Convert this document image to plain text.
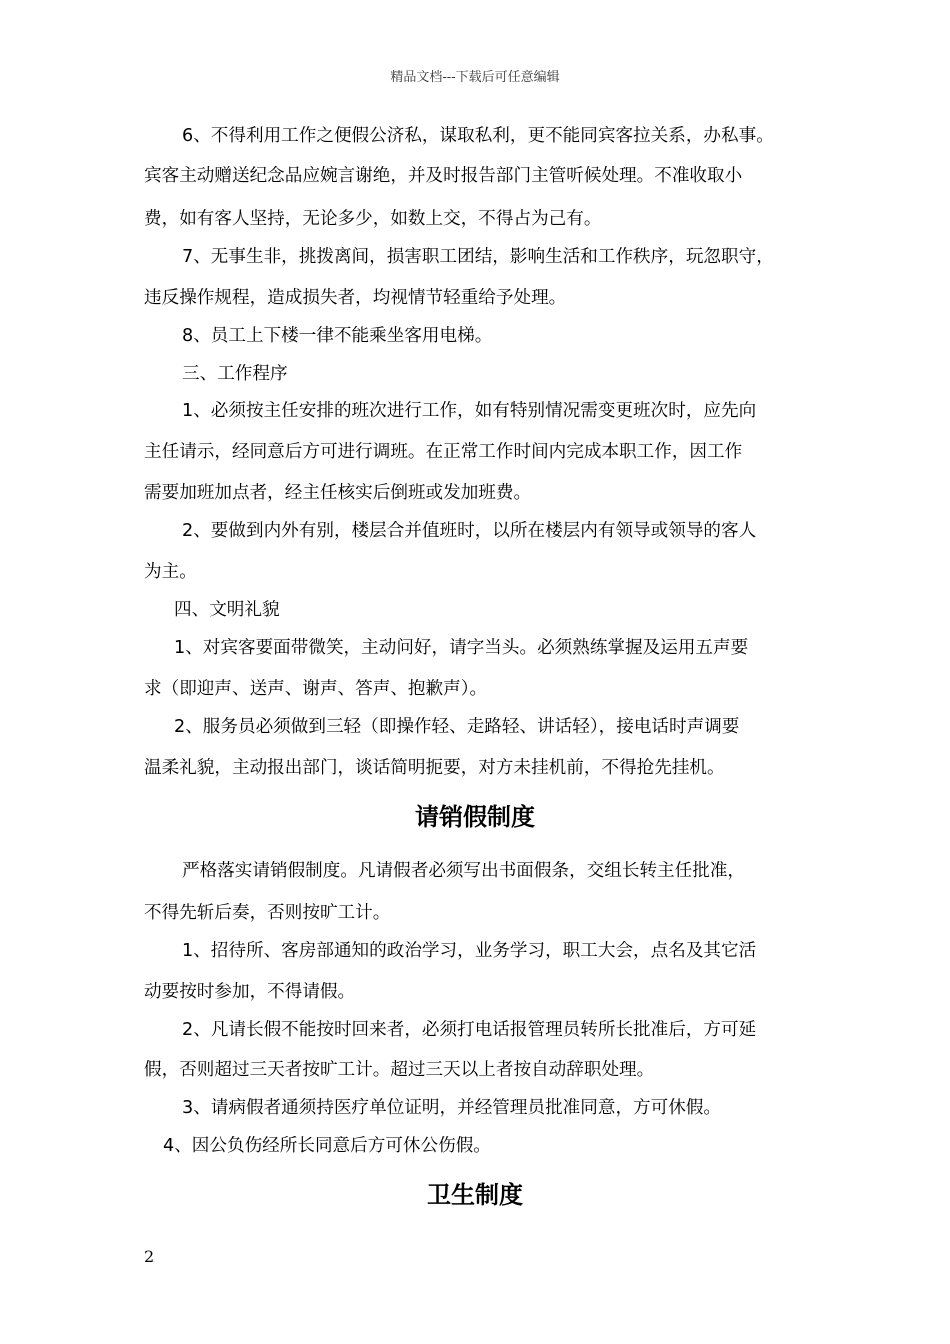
精品文档---下载后可任意编辑
6、不得利用工作之便假公济私，谋取私利，更不能同宾客拉关系，办私事。
宾客主动赠送纪念品应婉言谢绝，并及时报告部门主管听候处理。不准收取小
费，如有客人坚持，无论多少，如数上交，不得占为己有。
7、无事生非，挑拨离间，损害职工团结，影响生活和工作秩序，玩忽职守，
违反操作规程，造成损失者，均视情节轻重给予处理。
8、员工上下楼一律不能乘坐客用电梯。
三、工作程序
1、必须按主任安排的班次进行工作，如有特别情况需变更班次时，应先向
主任请示，经同意后方可进行调班。在正常工作时间内完成本职工作，因工作
需要加班加点者，经主任核实后倒班或发加班费。
2、要做到内外有别，楼层合并值班时，以所在楼层内有领导或领导的客人
为主。
四、文明礼貌
1、对宾客要面带微笑，主动问好，请字当头。必须熟练掌握及运用五声要
求（即迎声、送声、谢声、答声、抱歉声）。
2、服务员必须做到三轻（即操作轻、走路轻、讲话轻），接电话时声调要
温柔礼貌，主动报出部门，谈话简明扼要，对方未挂机前，不得抢先挂机。
请销假制度
严格落实请销假制度。凡请假者必须写出书面假条，交组长转主任批准，
不得先斩后奏，否则按旷工计。
1、招待所、客房部通知的政治学习，业务学习，职工大会，点名及其它活
动要按时参加，不得请假。
2、凡请长假不能按时回来者，必须打电话报管理员转所长批准后，方可延
假，否则超过三天者按旷工计。超过三天以上者按自动辞职处理。
3、请病假者通须持医疗单位证明，并经管理员批准同意，方可休假。
4、因公负伤经所长同意后方可休公伤假。
卫生制度
2
